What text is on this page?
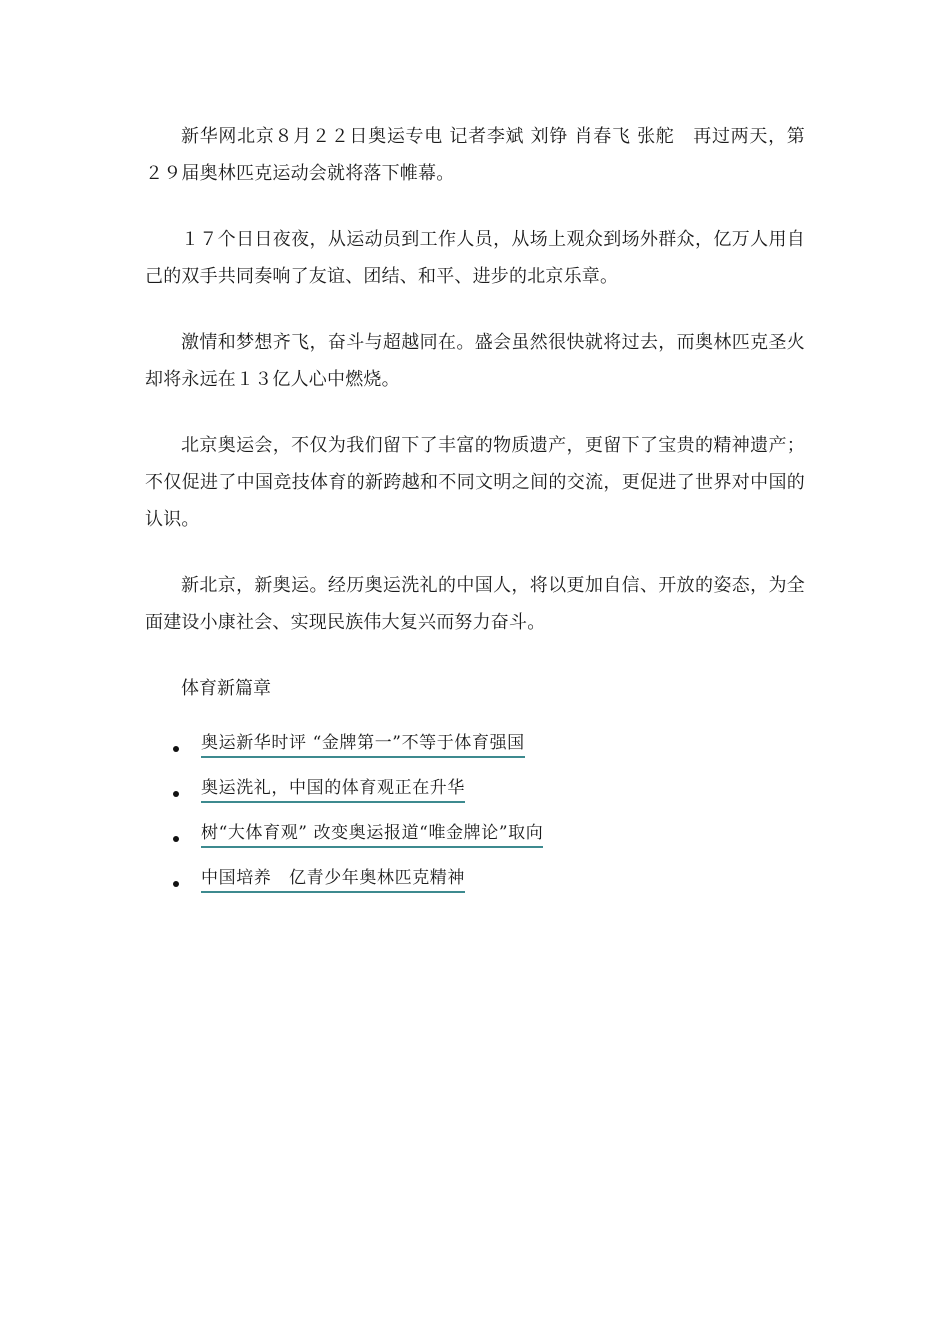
新华网北京８月２２日奥运专电 记者李斌 刘铮 肖春飞 张舵　再过两天，第２９届奥林匹克运动会就将落下帷幕。

１７个日日夜夜，从运动员到工作人员，从场上观众到场外群众，亿万人用自己的双手共同奏响了友谊、团结、和平、进步的北京乐章。

激情和梦想齐飞，奋斗与超越同在。盛会虽然很快就将过去，而奥林匹克圣火却将永远在１３亿人心中燃烧。

北京奥运会，不仅为我们留下了丰富的物质遗产，更留下了宝贵的精神遗产；不仅促进了中国竞技体育的新跨越和不同文明之间的交流，更促进了世界对中国的认识。

新北京，新奥运。经历奥运洗礼的中国人，将以更加自信、开放的姿态，为全面建设小康社会、实现民族伟大复兴而努力奋斗。

体育新篇章
奥运新华时评 “金牌第一”不等于体育强国
奥运洗礼，中国的体育观正在升华
树“大体育观” 改变奥运报道“唯金牌论”取向
中国培养　亿青少年奥林匹克精神
